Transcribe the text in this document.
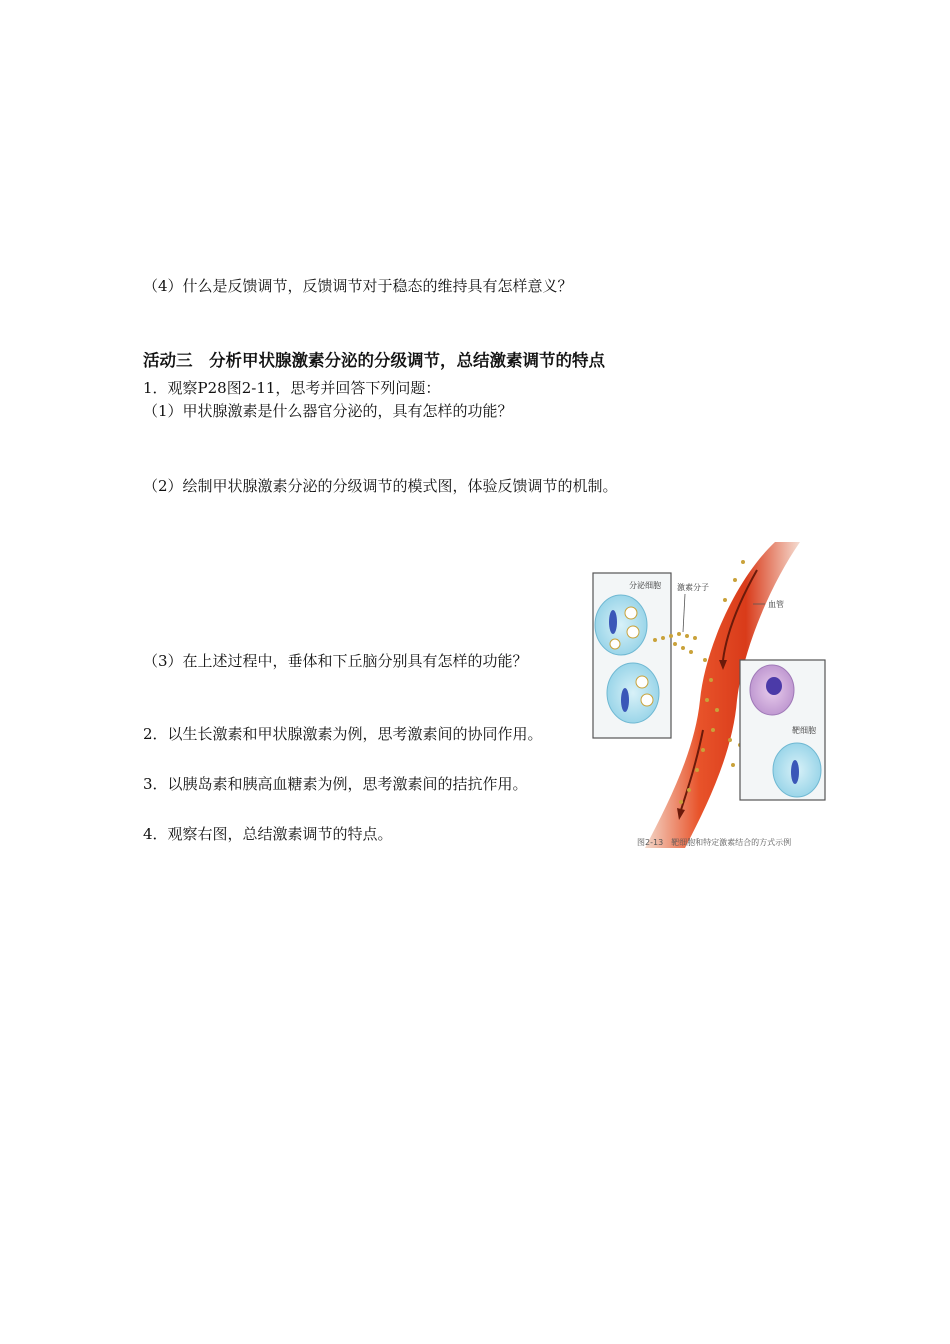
（4）什么是反馈调节，反馈调节对于稳态的维持具有怎样意义？
活动三　分析甲状腺激素分泌的分级调节，总结激素调节的特点
1．观察P28图2-11，思考并回答下列问题：
（1）甲状腺激素是什么器官分泌的，具有怎样的功能？
（2）绘制甲状腺激素分泌的分级调节的模式图，体验反馈调节的机制。
（3）在上述过程中，垂体和下丘脑分别具有怎样的功能？
2．以生长激素和甲状腺激素为例，思考激素间的协同作用。
3．以胰岛素和胰高血糖素为例，思考激素间的拮抗作用。
4．观察右图，总结激素调节的特点。
分泌细胞 激素分子
血管
靶细胞
图2-13　靶细胞和特定激素结合的方式示例
